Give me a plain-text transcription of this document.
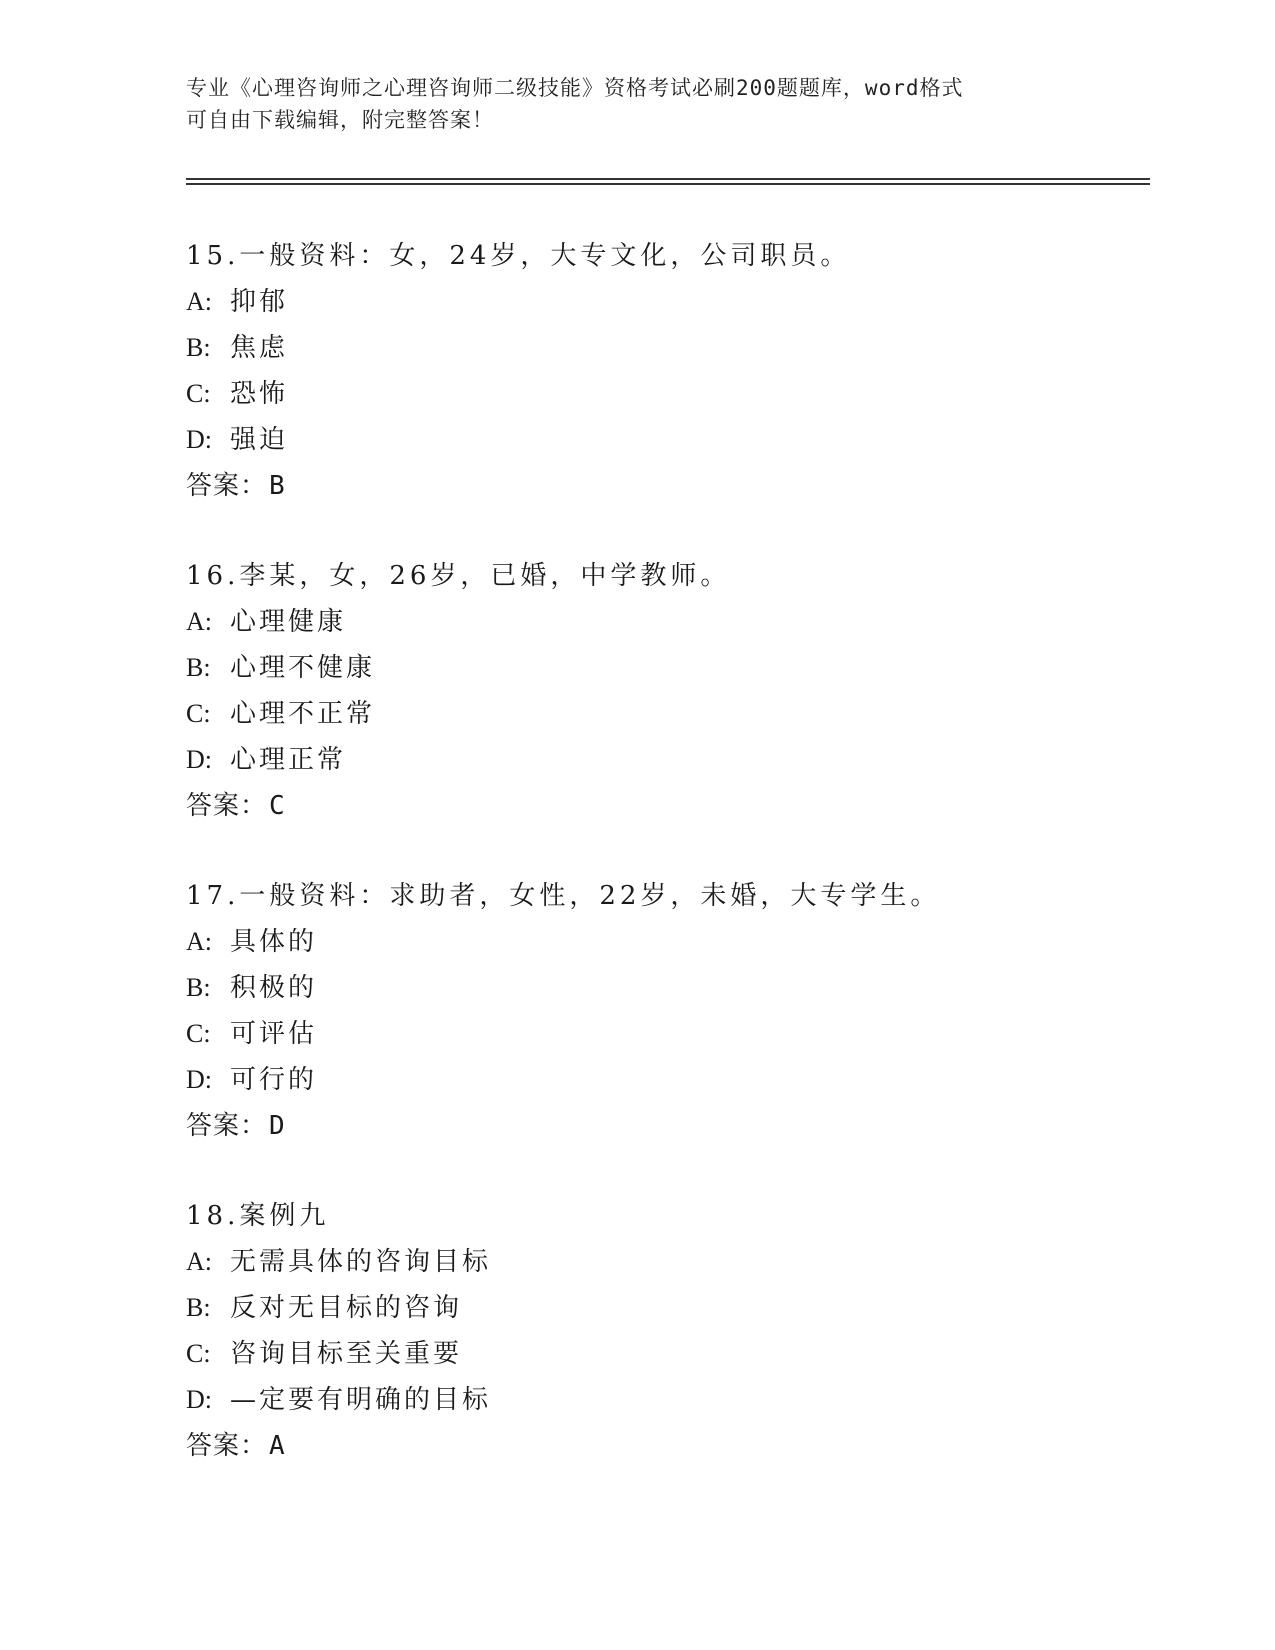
专业《心理咨询师之心理咨询师二级技能》资格考试必刷200题题库，word格式
可自由下载编辑，附完整答案！
15.一般资料：女，24岁，大专文化，公司职员。
A: 抑郁
B: 焦虑
C: 恐怖
D: 强迫
答案：B
16.李某，女，26岁，已婚，中学教师。
A: 心理健康
B: 心理不健康
C: 心理不正常
D: 心理正常
答案：C
17.一般资料：求助者，女性，22岁，未婚，大专学生。
A: 具体的
B: 积极的
C: 可评估
D: 可行的
答案：D
18.案例九
A: 无需具体的咨询目标
B: 反对无目标的咨询
C: 咨询目标至关重要
D: —定要有明确的目标
答案：A
